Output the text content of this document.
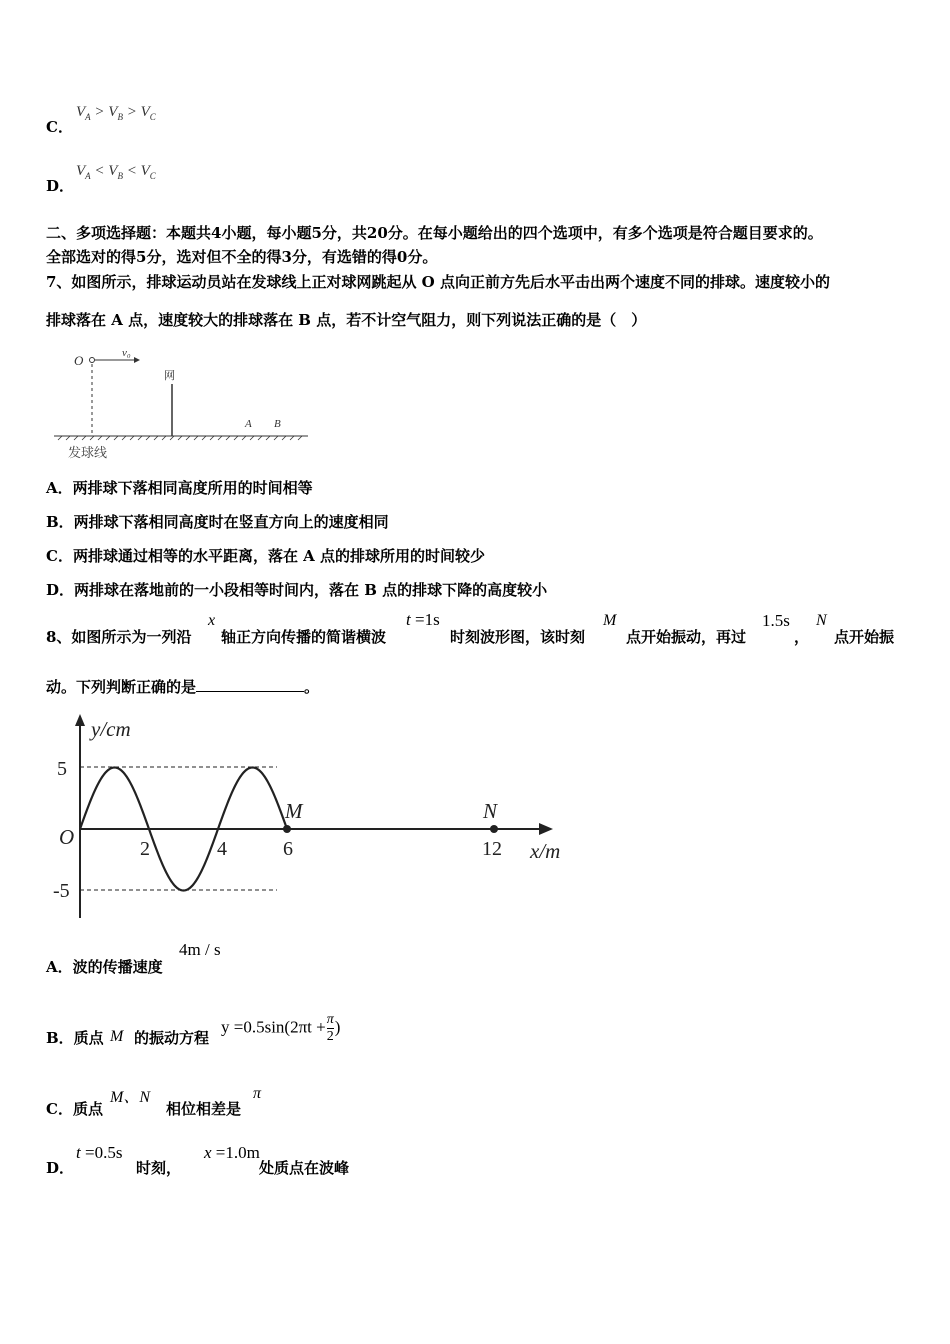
C．
$V_A > V_B > V_C$
D．
$V_A < V_B < V_C$
二、多项选择题：本题共4小题，每小题5分，共20分。在每小题给出的四个选项中，有多个选项是符合题目要求的。
全部选对的得5分，选对但不全的得3分，有选错的得0分。
7、如图所示，排球运动员站在发球线上正对球网跳起从 O 点向正前方先后水平击出两个速度不同的排球。速度较小的
排球落在 A 点，速度较大的排球落在 B 点，若不计空气阻力，则下列说法正确的是（　）
O	v₀
网
A B
发球线
A．两排球下落相同高度所用的时间相等
B．两排球下落相同高度时在竖直方向上的速度相同
C．两排球通过相等的水平距离，落在 A 点的排球所用的时间较少
D．两排球在落地前的一小段相等时间内，落在 B 点的排球下降的高度较小
8、如图所示为一列沿
x
轴正方向传播的简谐横波
t =1s
时刻波形图，该时刻
M
点开始振动，再过
1.5s
，
N
点开始振
动。下列判断正确的是	。
y/cm
x/m
O
5
-5
2	4	6	12
M	N
A．波的传播速度
4m / s
B．质点 M 的振动方程
$y =0.5\sin(2\pi t + \frac{\pi}{2}$ )
C．质点
M、N
相位相差是
π
D．
t =0.5s
时刻，
x =1.0m
处质点在波峰
